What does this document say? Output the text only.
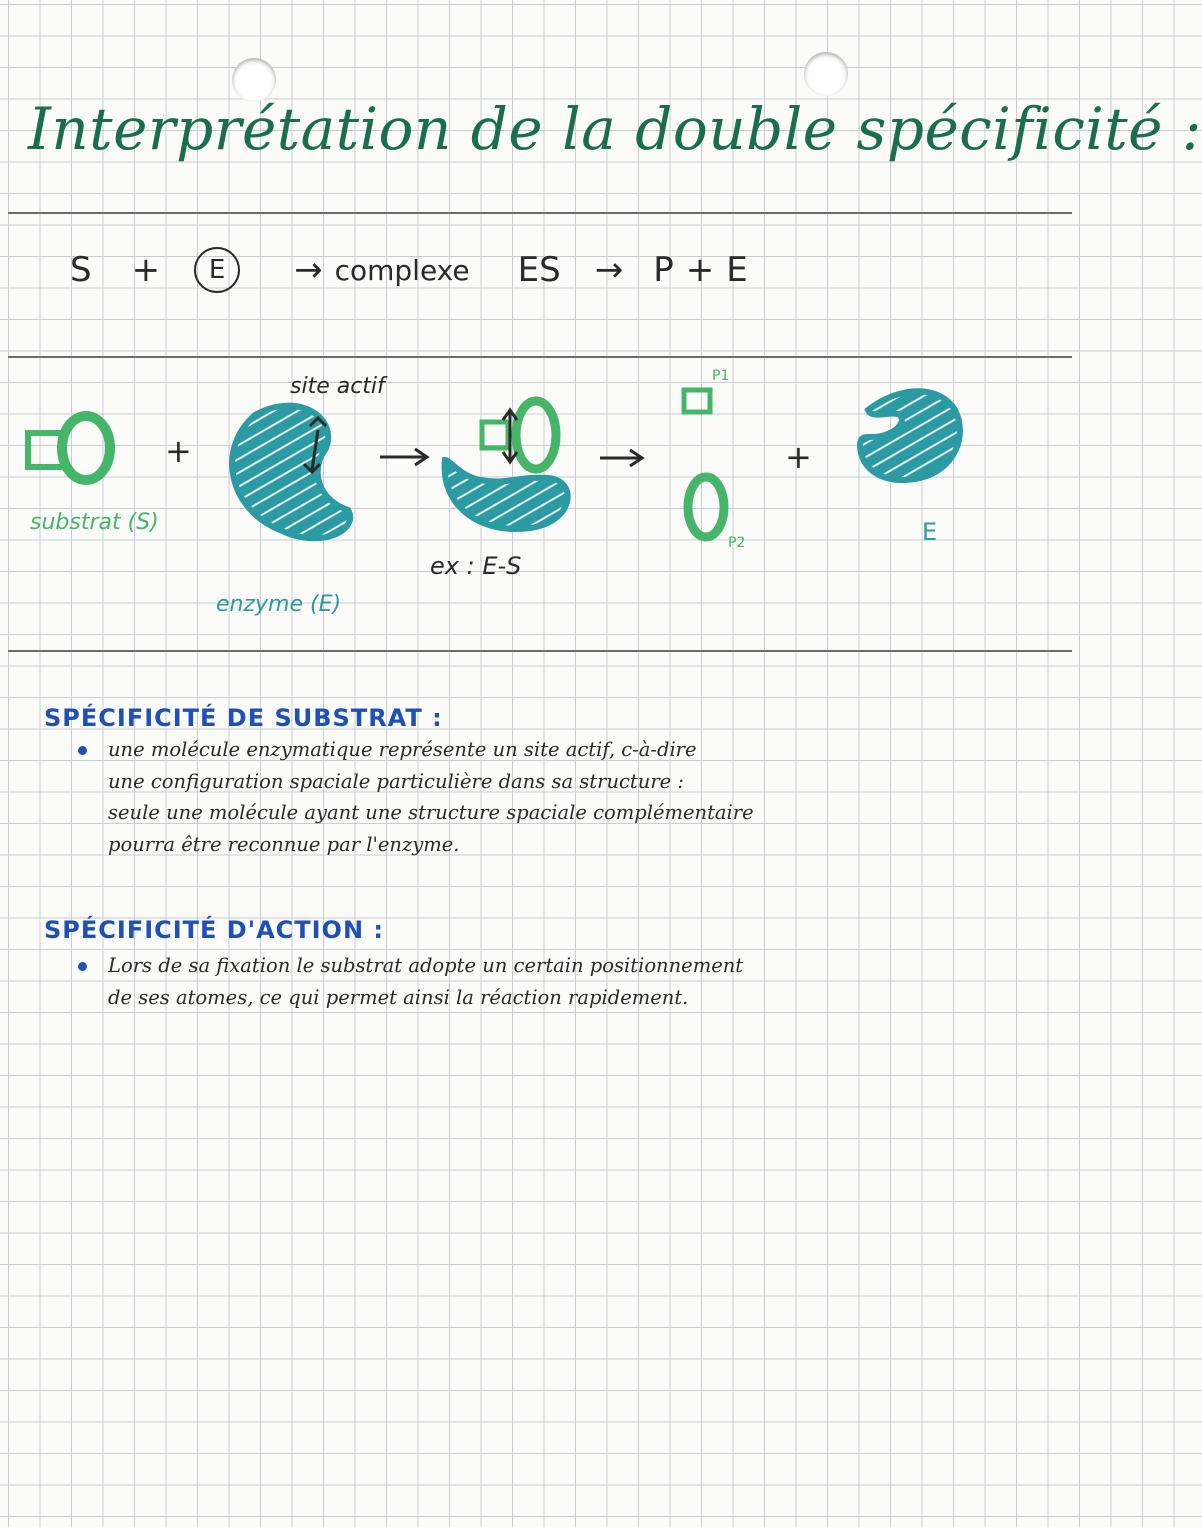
Interprétation de la double spécificité :
S +	E	→ complexe ES → P + E
+
site actif
substrat (S)
enzyme (E)
ex : E-S
P1
P2
+
E
SPÉCIFICITÉ DE SUBSTRAT :
une molécule enzymatique représente un site actif, c-à-dire
une configuration spaciale particulière dans sa structure :
seule une molécule ayant une structure spaciale complémentaire
pourra être reconnue par l'enzyme.
SPÉCIFICITÉ D'ACTION :
Lors de sa fixation le substrat adopte un certain positionnement
de ses atomes, ce qui permet ainsi la réaction rapidement.
